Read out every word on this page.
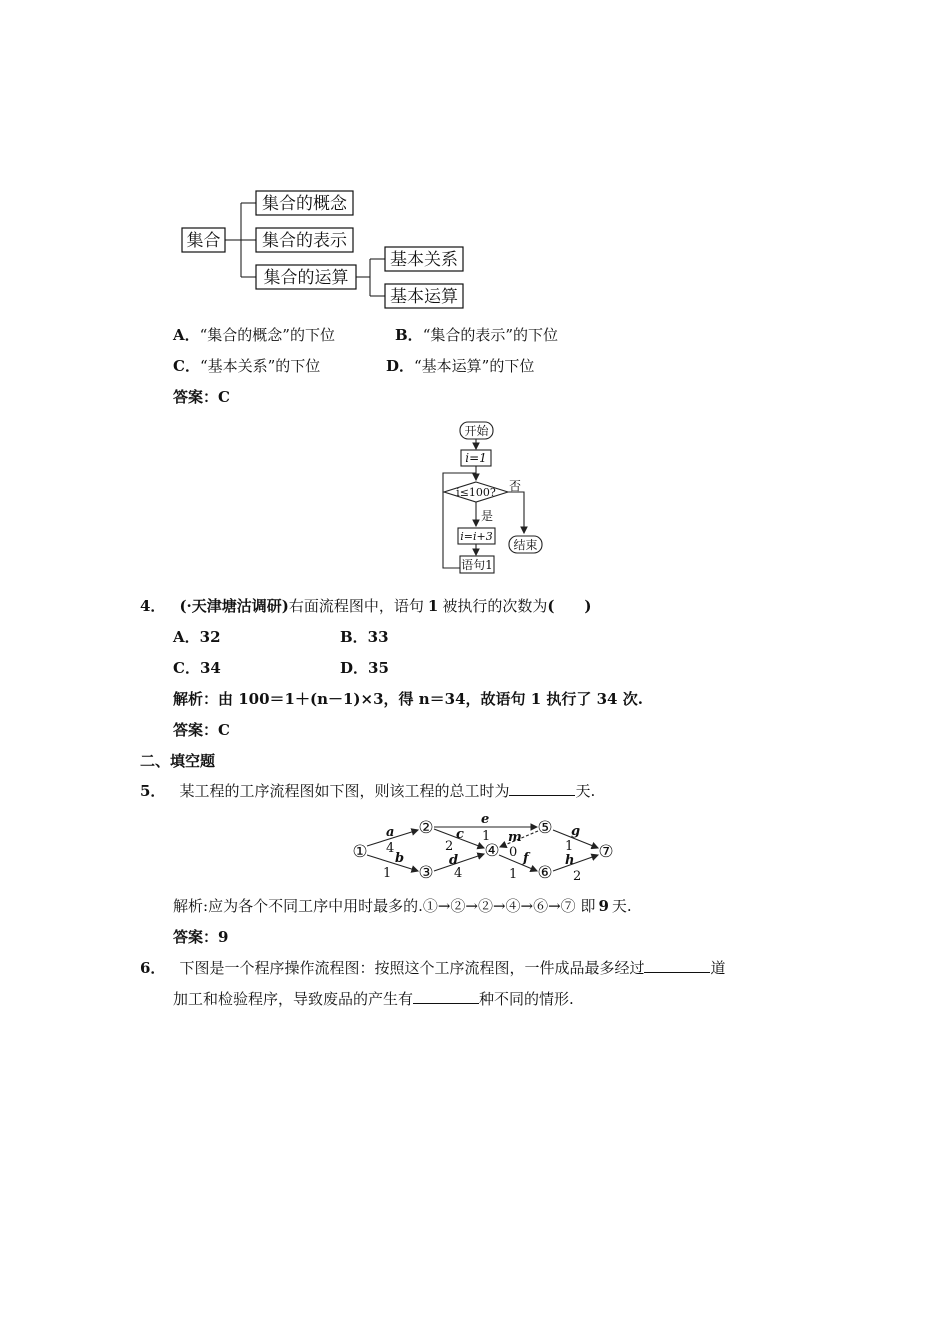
集合
集合的概念
集合的表示
集合的运算
基本关系
基本运算
A．“集合的概念”的下位	B．“集合的表示”的下位
C．“基本关系”的下位	D．“基本运算”的下位
答案：C
开始
i=1
i≤100? 否
是
i=i+3
语句1
结束
4． (·天津塘沽调研)右面流程图中，语句 1 被执行的次数为(　　)
A．32	B．33
C．34	D．35
解析：由 100＝1＋(n－1)×3，得 n＝34，故语句 1 执行了 34 次.
答案：C
二、填空题
5． 某工程的工序流程图如下图，则该工程的总工时为	天.
①
②
③
④
⑤
⑥
⑦
a
4
b
1
c
2
d
4
e
1 m
0 f
1
g
1
h
2
解析:应为各个不同工序中用时最多的.①→②→②→④→⑥→⑦ 即 9 天.
答案：9
6． 下图是一个程序操作流程图：按照这个工序流程图，一件成品最多经过	道
加工和检验程序，导致废品的产生有	种不同的情形.
